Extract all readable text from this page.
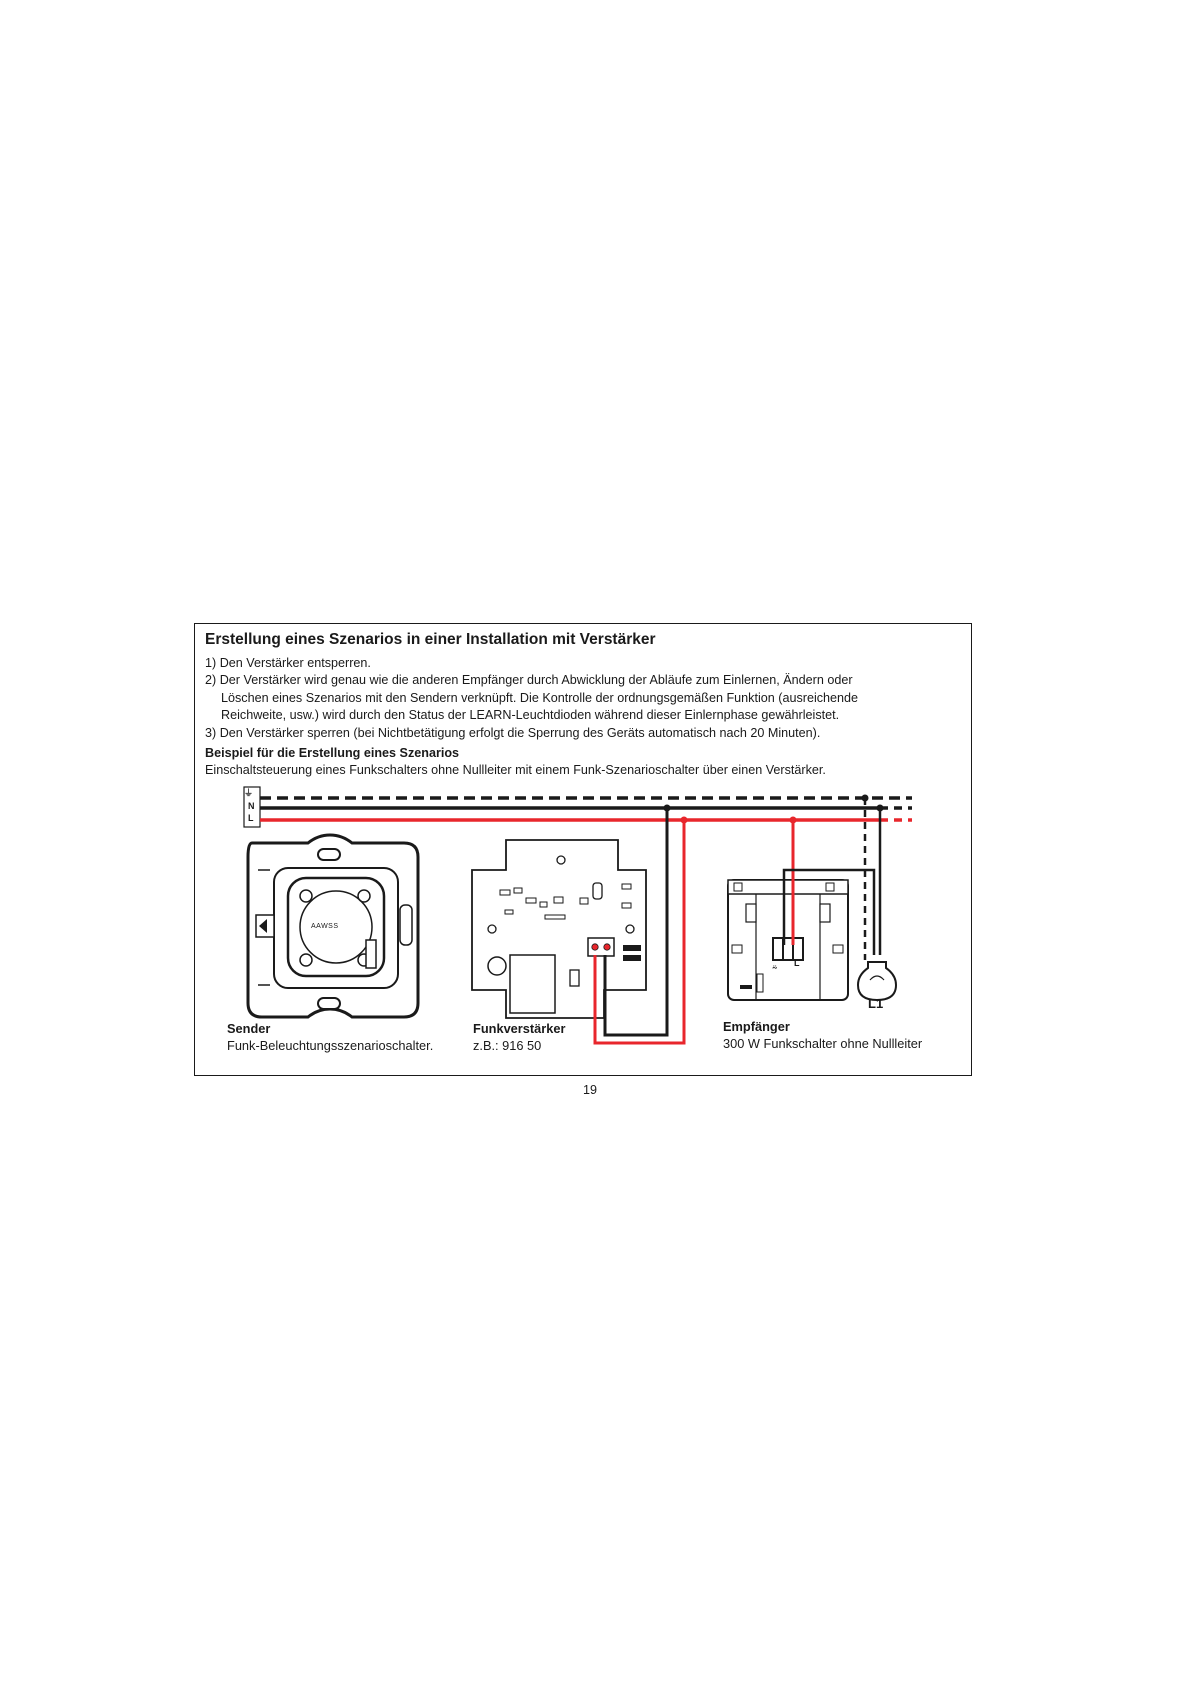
Erstellung eines Szenarios in einer Installation mit Verstärker
1) Den Verstärker entsperren.
2) Der Verstärker wird genau wie die anderen Empfänger durch Abwicklung der Abläufe zum Einlernen, Ändern oder
Löschen eines Szenarios mit den Sendern verknüpft. Die Kontrolle der ordnungsgemäßen Funktion (ausreichende
Reichweite, usw.) wird durch den Status der LEARN-Leuchtdioden während dieser Einlernphase gewährleistet.
3) Den Verstärker sperren (bei Nichtbetätigung erfolgt die Sperrung des Geräts automatisch nach 20 Minuten).
Beispiel für die Erstellung eines Szenarios
Einschaltsteuerung eines Funkschalters ohne Nullleiter mit einem Funk-Szenarioschalter über einen Verstärker.
⍨
⏚
N
L
AAWSS
L
L1
Sender
Funk-Beleuchtungsszenarioschalter.
Funkverstärker
z.B.: 916 50
Empfänger
300 W Funkschalter ohne Nullleiter
19
